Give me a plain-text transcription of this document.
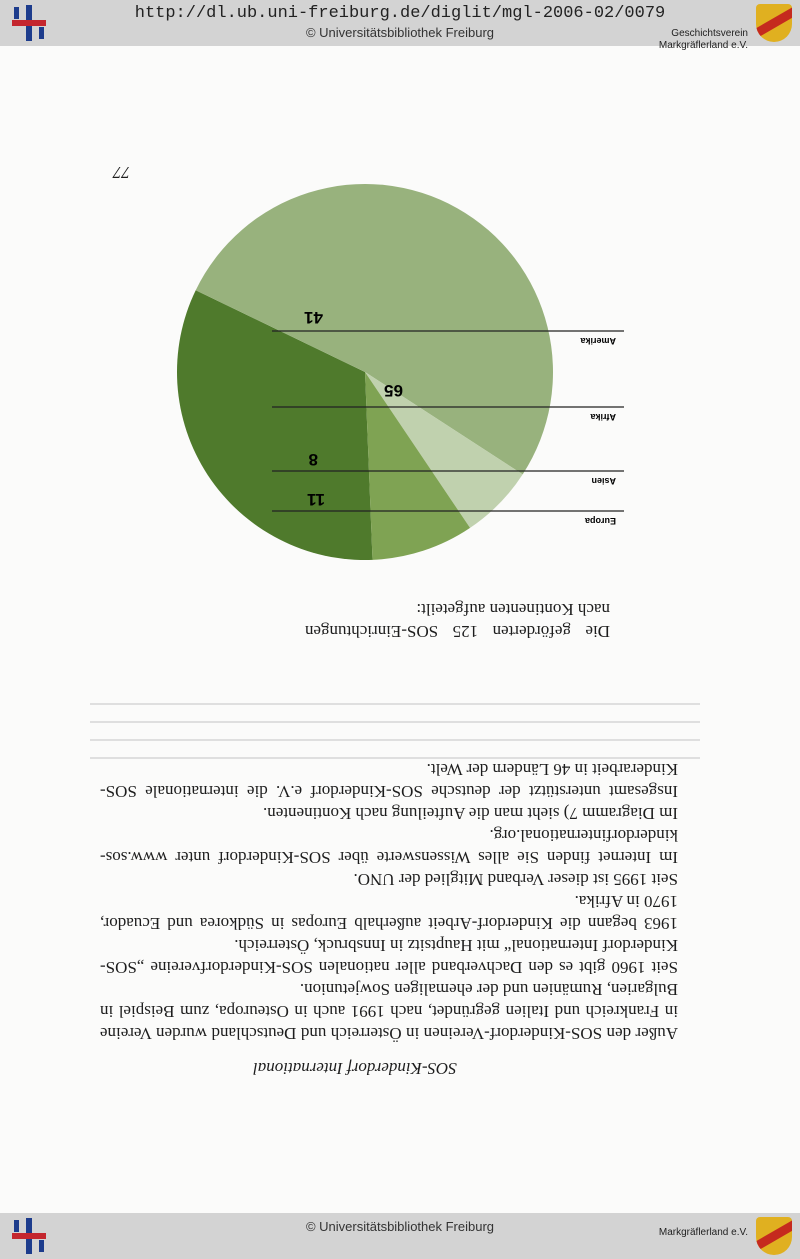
http://dl.ub.uni-freiburg.de/diglit/mgl-2006-02/0079
© Universitätsbibliothek Freiburg	Geschichtsverein
Markgräflerland e.V.
SOS-Kinderdorf International

Außer den SOS-Kinderdorf-Vereinen in Österreich und Deutschland wurden Vereine in Frankreich und Italien gegründet, nach 1991 auch in Osteuropa, zum Beispiel in Bulgarien, Rumänien und der ehemaligen Sowjetunion.

Seit 1960 gibt es den Dachverband aller nationalen SOS-Kinderdorfvereine „SOS-Kinderdorf International“ mit Hauptsitz in Innsbruck, Österreich.

1963 begann die Kinderdorf-Arbeit außerhalb Europas in Südkorea und Ecuador, 1970 in Afrika.

Seit 1995 ist dieser Verband Mitglied der UNO.

Im Internet finden Sie alles Wissenswerte über SOS-Kinderdorf unter www.sos-kinderdorfinternational.org.

Im Diagramm 7) sieht man die Aufteilung nach Kontinenten.

Insgesamt unterstützt der deutsche SOS-Kinderdorf e.V. die internationale SOS-Kinderarbeit in 46 Ländern der Welt.

Die geförderten 125 SOS-Einrichtungen nach Kontinenten aufgeteilt:
Amerika
41
Afrika
65
Asien
8
Europa
11
77
© Universitätsbibliothek Freiburg	Markgräflerland e.V.
